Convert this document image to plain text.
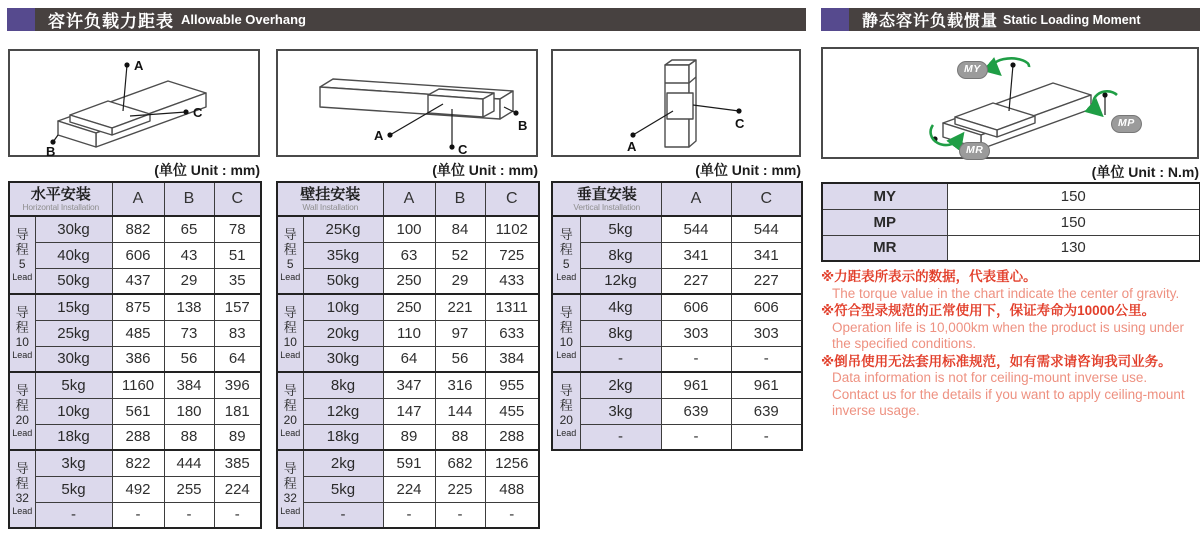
容许负载力距表 Allowable Overhang	静态容许负载惯量 Static Loading Moment
A
B
C
A
B
C	A
C
MY
MP
MR
(单位 Unit : mm)	(单位 Unit : mm)	(单位 Unit : mm)	(单位 Unit : N.m)
水平安装
Horizontal Installation		A	B	C

导
程
5
Lead	30kg	882	65	78
	40kg	606	43	51
	50kg	437	29	35

导
程
10
Lead	15kg	875	138	157
	25kg	485	73	83
	30kg	386	56	64

导
程
20
Lead	5kg	1160	384	396
	10kg	561	180	181
	18kg	288	88	89

导
程
32
Lead	3kg	822	444	385
	5kg	492	255	224
	-	-	-	-
壁挂安装
Wall Installation		A	B	C

导
程
5
Lead	25Kg	100	84	1102
	35kg	63	52	725
	50kg	250	29	433

导
程
10
Lead	10kg	250	221	1311
	20kg	110	97	633
	30kg	64	56	384

导
程
20
Lead	8kg	347	316	955
	12kg	147	144	455
	18kg	89	88	288

导
程
32
Lead	2kg	591	682	1256
	5kg	224	225	488
	-	-	-	-
垂直安装
Vertical Installation		A	C

导
程
5
Lead	5kg	544	544
	8kg	341	341
	12kg	227	227

导
程
10
Lead	4kg	606	606
	8kg	303	303
	-	-	-

导
程
20
Lead	2kg	961	961
	3kg	639	639
	-	-	-
MY	150
MP	150
MR	130
※力距表所表示的数据，代表重心。
The torque value in the chart indicate the center of gravity.
※符合型录规范的正常使用下，保证寿命为10000公里。
Operation life is 10,000km when the product is using under the specified conditions.
※倒吊使用无法套用标准规范，如有需求请咨询我司业务。
Data information is not for ceiling-mount inverse use.
Contact us for the details if you want to apply ceiling-mount inverse usage.
